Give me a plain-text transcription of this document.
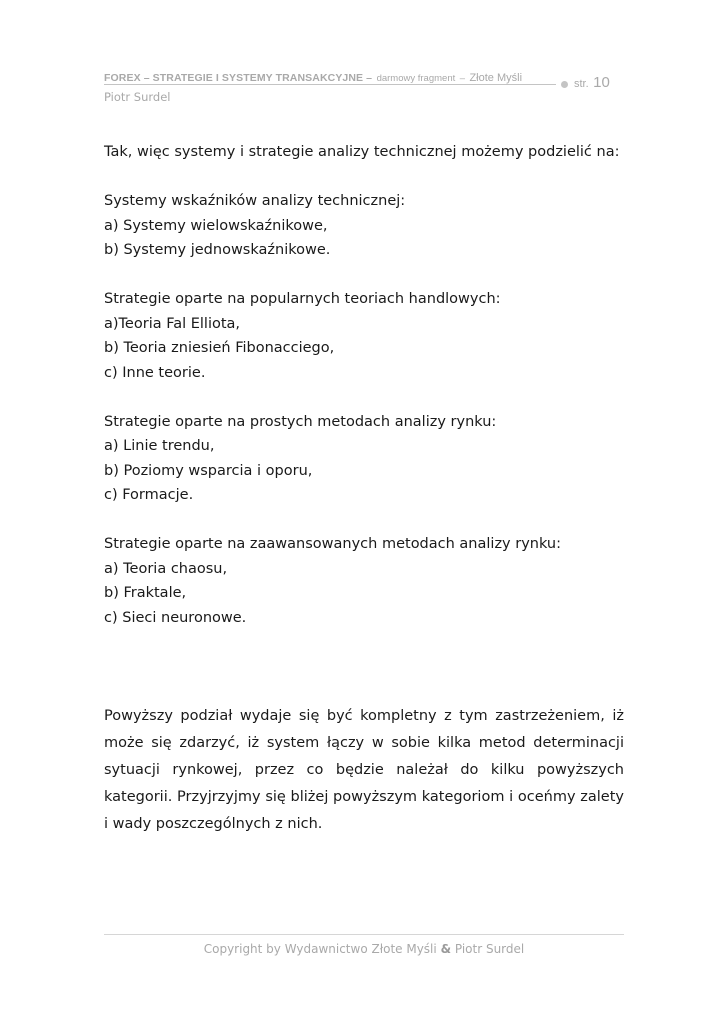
FOREX – STRATEGIE I SYSTEMY TRANSAKCYJNE – darmowy fragment – Złote Myśli	str. 10
Piotr Surdel

Tak, więc systemy i strategie analizy technicznej możemy podzielić na:

Systemy wskaźników analizy technicznej:

a) Systemy wielowskaźnikowe,

b) Systemy jednowskaźnikowe.

Strategie oparte na popularnych teoriach handlowych:

a)Teoria Fal Elliota,

b) Teoria zniesień Fibonacciego,

c) Inne teorie.

Strategie oparte na prostych metodach analizy rynku:

a) Linie trendu,

b) Poziomy wsparcia i oporu,

c) Formacje.

Strategie oparte na zaawansowanych metodach analizy rynku:

a) Teoria chaosu,

b) Fraktale,

c) Sieci neuronowe.

Powyższy podział wydaje się być kompletny z tym zastrzeżeniem, iż może się zdarzyć, iż system łączy w sobie kilka metod determinacji sytuacji rynkowej, przez co będzie należał do kilku powyższych kategorii. Przyjrzyjmy się bliżej powyższym kategoriom i oceńmy zalety i wady poszczególnych z nich.

Copyright by Wydawnictwo Złote Myśli & Piotr Surdel
